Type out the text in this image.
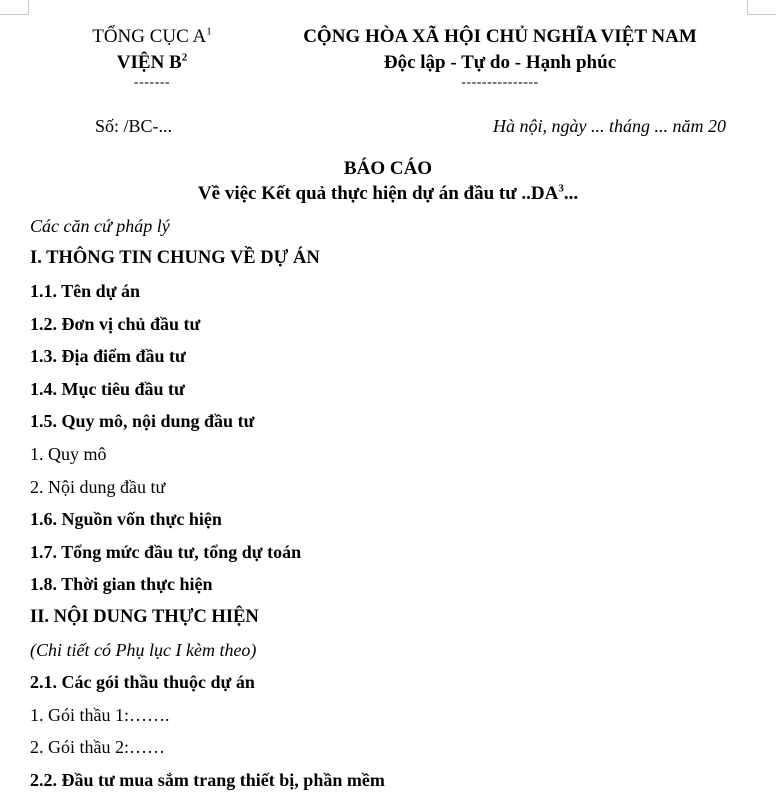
TỔNG CỤC $A^1$
VIỆN $B^2$
-------
CỘNG HÒA XÃ HỘI CHỦ NGHĨA VIỆT NAM
Độc lập - Tự do - Hạnh phúc
---------------
Số: /BC-...	Hà nội, ngày ... tháng ... năm 20
BÁO CÁO
Về việc Kết quả thực hiện dự án đầu tư $..DA^3$...
Các căn cứ pháp lý
I. THÔNG TIN CHUNG VỀ DỰ ÁN
1.1. Tên dự án
1.2. Đơn vị chủ đầu tư
1.3. Địa điểm đầu tư
1.4. Mục tiêu đầu tư
1.5. Quy mô, nội dung đầu tư
1. Quy mô
2. Nội dung đầu tư
1.6. Nguồn vốn thực hiện
1.7. Tổng mức đầu tư, tổng dự toán
1.8. Thời gian thực hiện
II. NỘI DUNG THỰC HIỆN
(Chi tiết có Phụ lục I kèm theo)
2.1. Các gói thầu thuộc dự án
1. Gói thầu 1:…….
2. Gói thầu 2:……
2.2. Đầu tư mua sắm trang thiết bị, phần mềm
